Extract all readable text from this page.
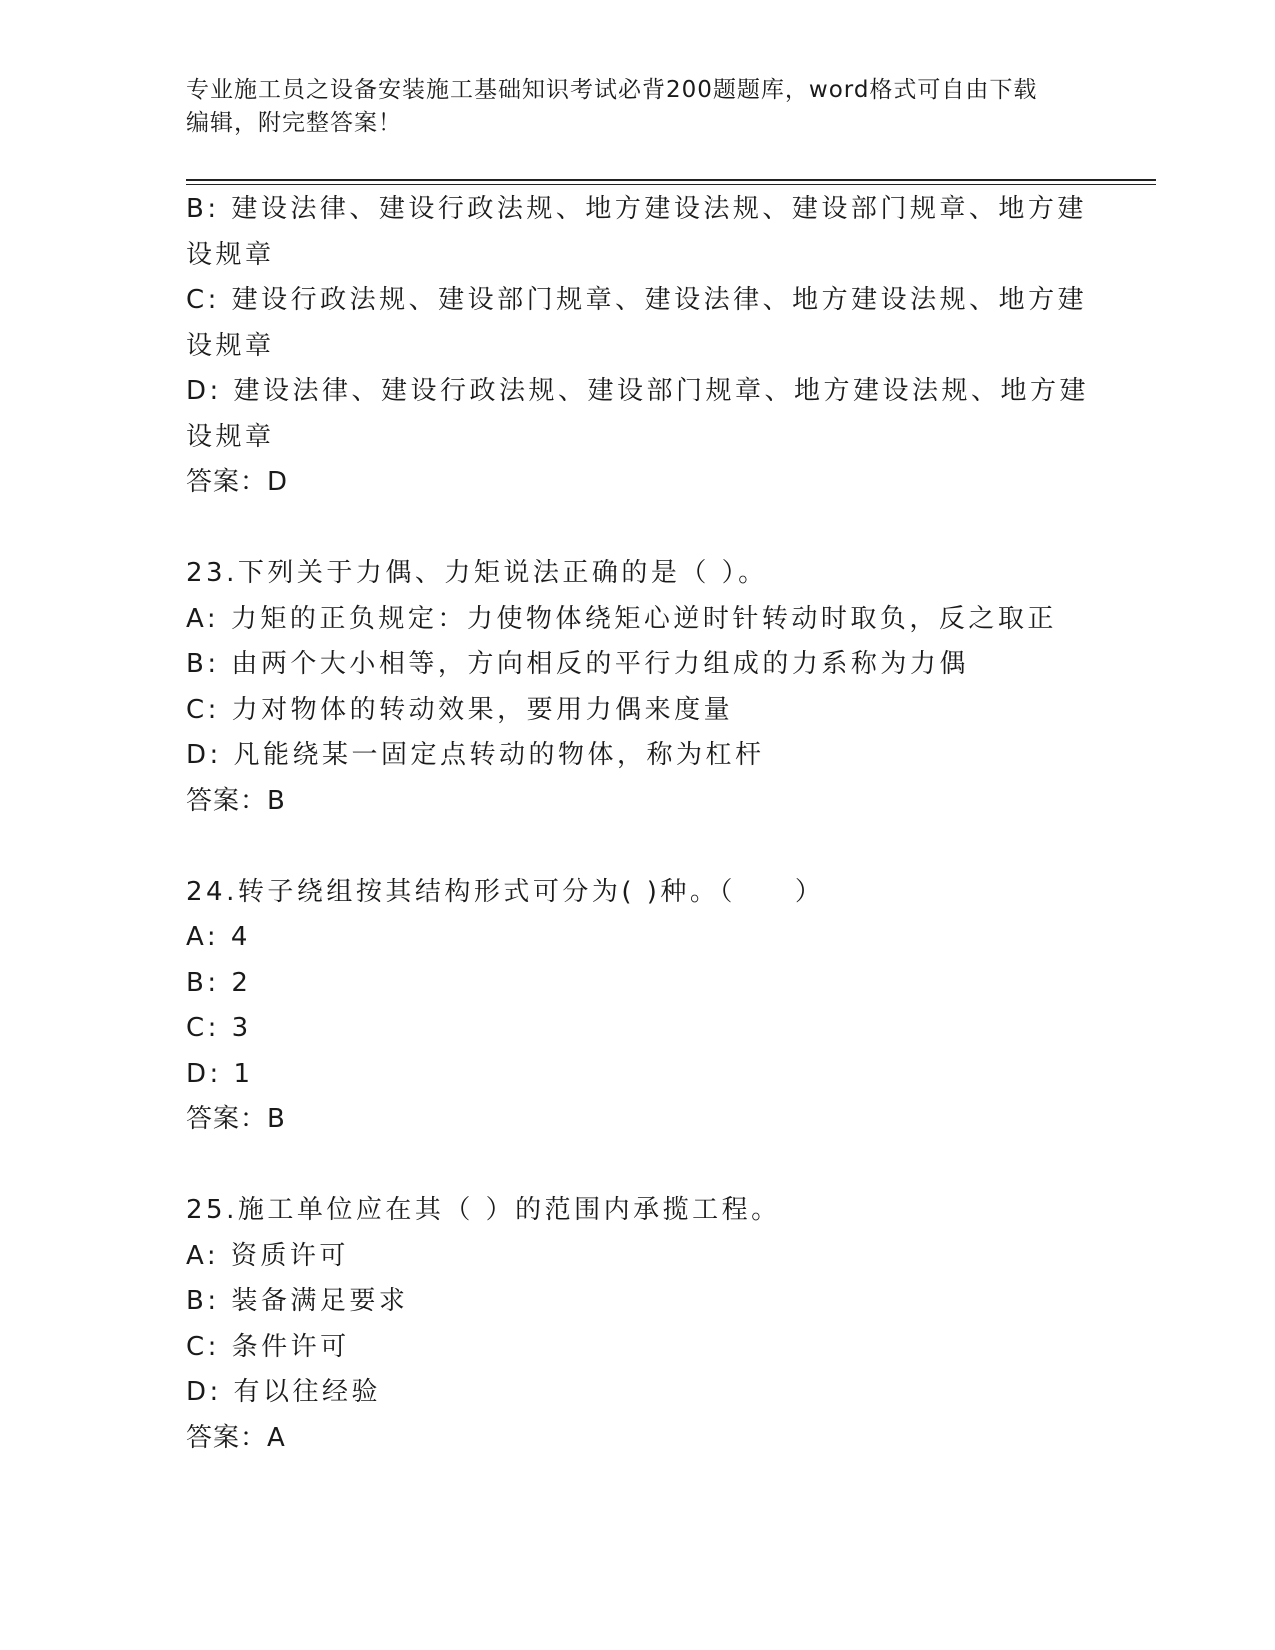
专业施工员之设备安装施工基础知识考试必背200题题库，word格式可自由下载
编辑，附完整答案！
B: 建设法律、建设行政法规、地方建设法规、建设部门规章、地方建
设规章
C: 建设行政法规、建设部门规章、建设法律、地方建设法规、地方建
设规章
D: 建设法律、建设行政法规、建设部门规章、地方建设法规、地方建
设规章
答案：D
23.下列关于力偶、力矩说法正确的是（ ）。
A: 力矩的正负规定：力使物体绕矩心逆时针转动时取负，反之取正
B: 由两个大小相等，方向相反的平行力组成的力系称为力偶
C: 力对物体的转动效果，要用力偶来度量
D: 凡能绕某一固定点转动的物体，称为杠杆
答案：B
24.转子绕组按其结构形式可分为( )种。（　　）
A: 4
B: 2
C: 3
D: 1
答案：B
25.施工单位应在其（ ）的范围内承揽工程。
A: 资质许可
B: 装备满足要求
C: 条件许可
D: 有以往经验
答案：A
